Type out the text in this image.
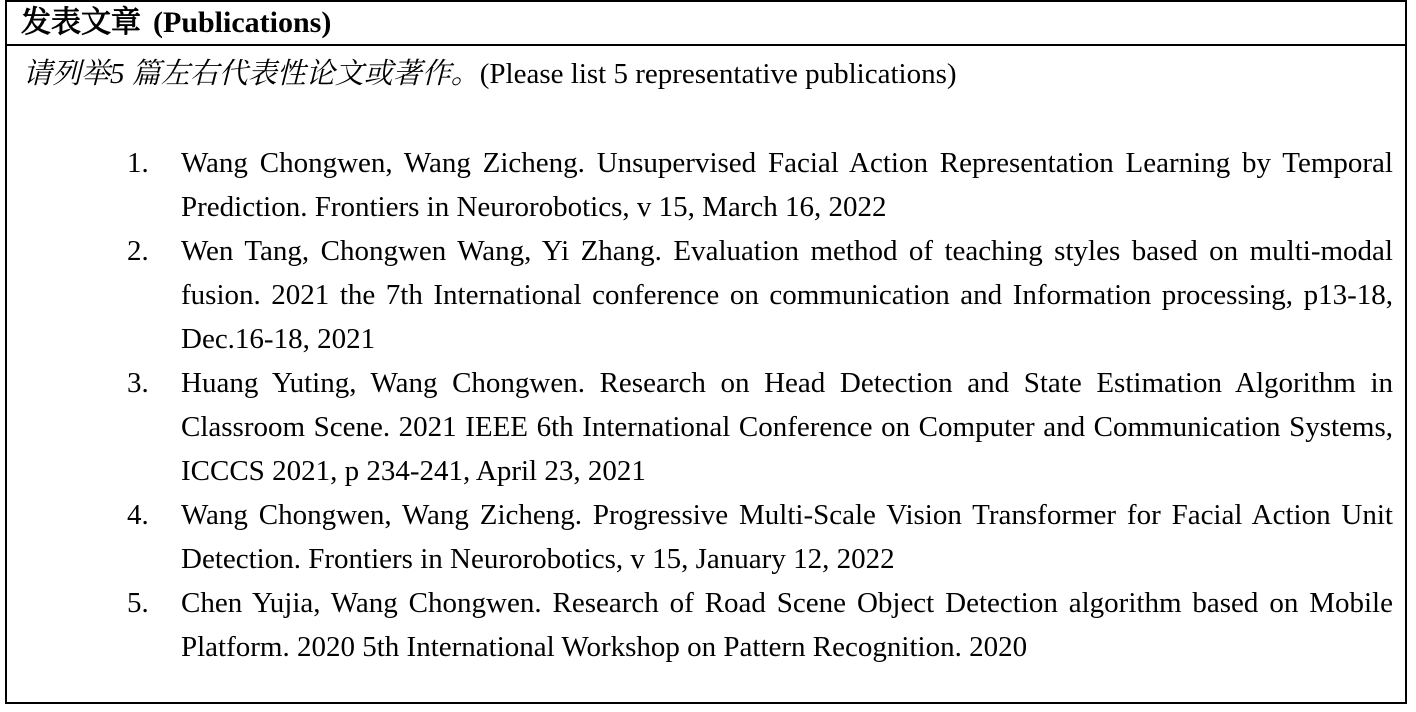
发表文章 (Publications)
请列举5 篇左右代表性论文或著作。(Please list 5 representative publications)
1.	Wang Chongwen, Wang Zicheng. Unsupervised Facial Action Representation Learning by Temporal Prediction. Frontiers in Neurorobotics, v 15, March 16, 2022
2.	Wen Tang, Chongwen Wang, Yi Zhang. Evaluation method of teaching styles based on multi-modal fusion. 2021 the 7th International conference on communication and Information processing, p13-18, Dec.16-18, 2021
3.	Huang Yuting, Wang Chongwen. Research on Head Detection and State Estimation Algorithm in Classroom Scene. 2021 IEEE 6th International Conference on Computer and Communication Systems, ICCCS 2021, p 234-241, April 23, 2021
4.	Wang Chongwen, Wang Zicheng. Progressive Multi-Scale Vision Transformer for Facial Action Unit Detection. Frontiers in Neurorobotics, v 15, January 12, 2022
5.	Chen Yujia, Wang Chongwen. Research of Road Scene Object Detection algorithm based on Mobile Platform. 2020 5th International Workshop on Pattern Recognition. 2020
